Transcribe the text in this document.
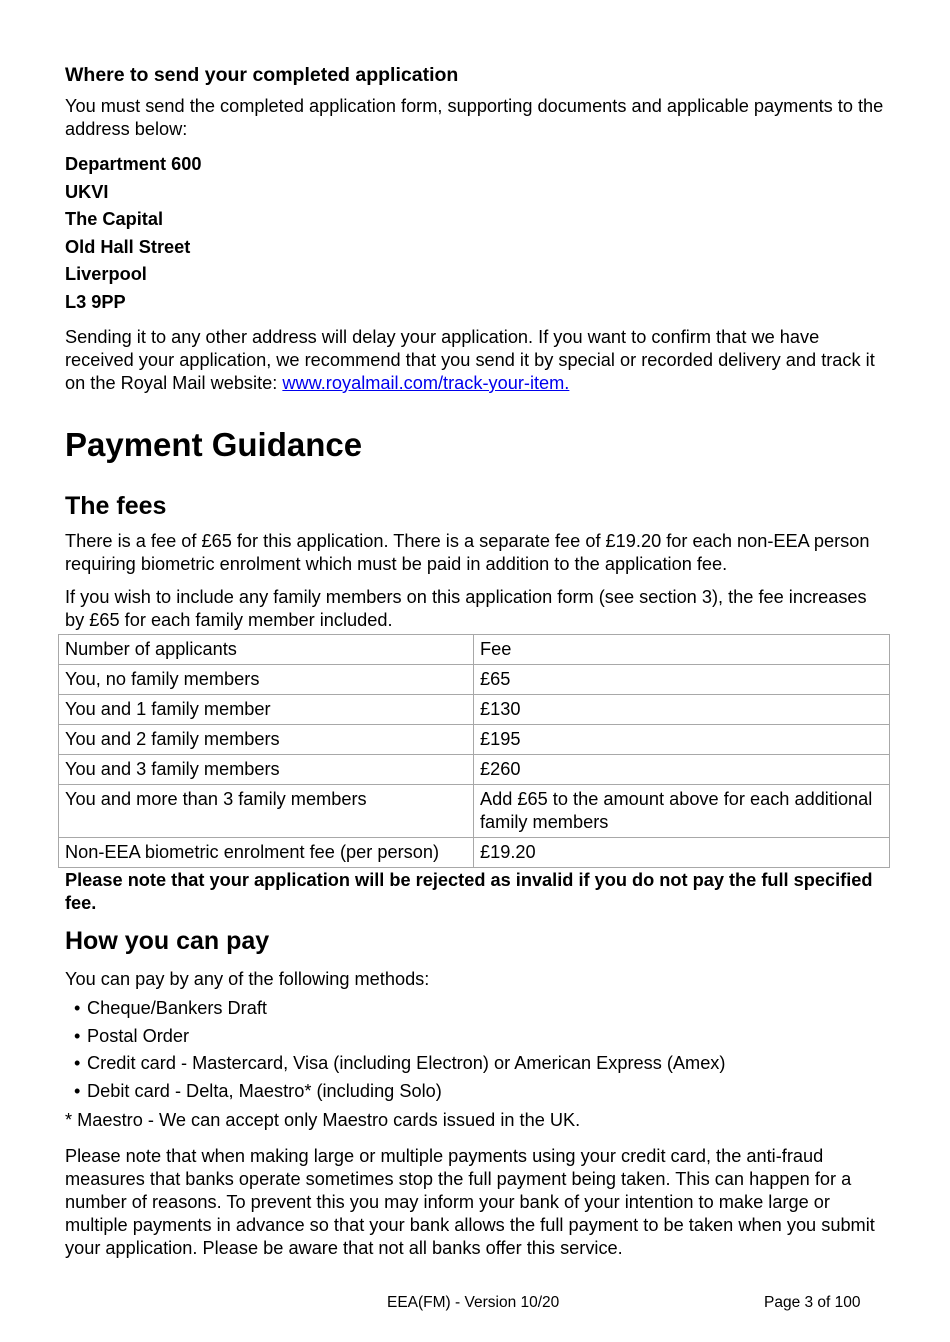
Where to send your completed application

You must send the completed application form, supporting documents and applicable payments to the address below:

Department 600
UKVI
The Capital
Old Hall Street
Liverpool
L3 9PP

Sending it to any other address will delay your application. If you want to confirm that we have received your application, we recommend that you send it by special or recorded delivery and track it on the Royal Mail website: www.royalmail.com/track-your-item.

Payment Guidance
The fees

There is a fee of £65 for this application. There is a separate fee of £19.20 for each non-EEA person requiring biometric enrolment which must be paid in addition to the application fee.

If you wish to include any family members on this application form (see section 3), the fee increases by £65 for each family member included.

Number of applicants	Fee
You, no family members	£65
You and 1 family member	£130
You and 2 family members	£195
You and 3 family members	£260
You and more than 3 family members	Add £65 to the amount above for each additional family members
Non-EEA biometric enrolment fee (per person)	£19.20

Please note that your application will be rejected as invalid if you do not pay the full specified fee.

How you can pay

You can pay by any of the following methods:

• Cheque/Bankers Draft
• Postal Order
• Credit card - Mastercard, Visa (including Electron) or American Express (Amex)
• Debit card - Delta, Maestro* (including Solo)

* Maestro - We can accept only Maestro cards issued in the UK.

Please note that when making large or multiple payments using your credit card, the anti-fraud measures that banks operate sometimes stop the full payment being taken. This can happen for a number of reasons. To prevent this you may inform your bank of your intention to make large or multiple payments in advance so that your bank allows the full payment to be taken when you submit your application. Please be aware that not all banks offer this service.

EEA(FM) - Version 10/20	Page 3 of 100
